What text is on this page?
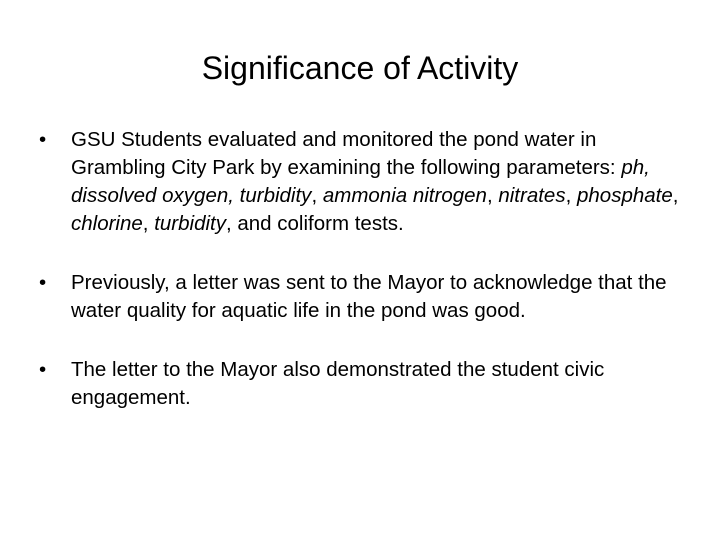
Significance of Activity
• GSU Students evaluated and monitored the pond water in Grambling City Park by examining the following parameters: ph, dissolved oxygen, turbidity, ammonia nitrogen, nitrates, phosphate, chlorine, turbidity, and coliform tests.
• Previously, a letter was sent to the Mayor to acknowledge that the water quality for aquatic life in the pond was good.
• The letter to the Mayor also demonstrated the student civic engagement.
